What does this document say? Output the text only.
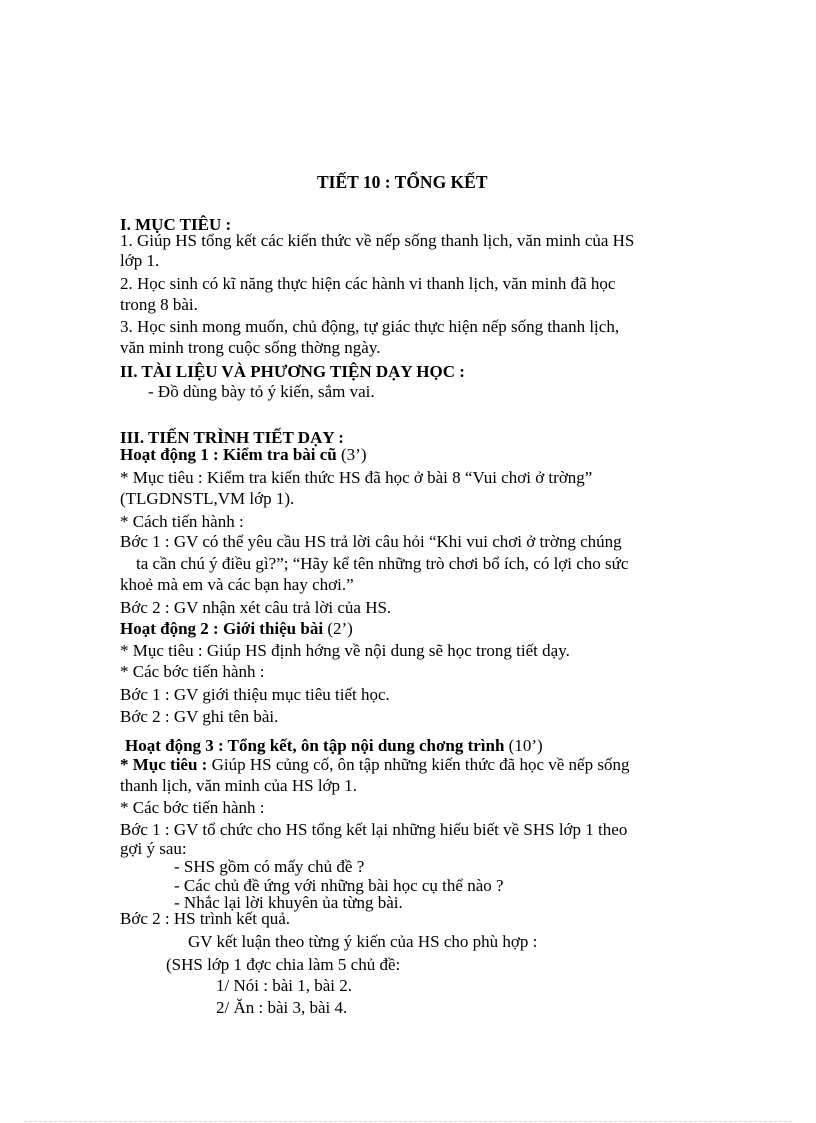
TIẾT 10 : TỔNG KẾT
I. MỤC TIÊU :
1. Giúp HS tổng kết các kiến thức về nếp sống thanh lịch, văn minh của HS
lớp 1.
2. Học sinh có kĩ năng thực hiện các hành vi thanh lịch, văn minh đã học
trong 8 bài.
3. Học sinh mong muốn, chủ động, tự giác thực hiện nếp sống thanh lịch,
văn minh trong cuộc sống thờng ngày.
II. TÀI LIỆU VÀ PHƯƠNG TIỆN DẠY HỌC :
- Đồ dùng bày tỏ ý kiến, sắm vai.
III. TIẾN TRÌNH TIẾT DẠY :
Hoạt động 1 : Kiểm tra bài cũ (3’)
* Mục tiêu : Kiểm tra kiến thức HS đã học ở bài 8 “Vui chơi ở trờng”
(TLGDNSTL,VM lớp 1).
* Cách tiến hành :
Bớc 1 : GV có thể yêu cầu HS trả lời câu hỏi “Khi vui chơi ở trờng chúng
ta cần chú ý điều gì?”; “Hãy kể tên những trò chơi bổ ích, có lợi cho sức
khoẻ mà em và các bạn hay chơi.”
Bớc 2 : GV nhận xét câu trả lời của HS.
Hoạt động 2 : Giới thiệu bài (2’)
* Mục tiêu : Giúp HS định hớng về nội dung sẽ học trong tiết dạy.
* Các bớc tiến hành :
Bớc 1 : GV giới thiệu mục tiêu tiết học.
Bớc 2 : GV ghi tên bài.
Hoạt động 3 : Tổng kết, ôn tập nội dung chơng trình (10’)
* Mục tiêu : Giúp HS củng cố, ôn tập những kiến thức đã học về nếp sống
thanh lịch, văn minh của HS lớp 1.
* Các bớc tiến hành :
Bớc 1 : GV tổ chức cho HS tổng kết lại những hiểu biết về SHS lớp 1 theo
gợi ý sau:
- SHS gồm có mấy chủ đề ?
- Các chủ đề ứng với những bài học cụ thể nào ?
- Nhắc lại lời khuyên ủa từng bài.
Bớc 2 : HS trình kết quả.
GV kết luận theo từng ý kiến của HS cho phù hợp :
(SHS lớp 1 đợc chia làm 5 chủ đề:
1/ Nói : bài 1, bài 2.
2/ Ăn : bài 3, bài 4.
